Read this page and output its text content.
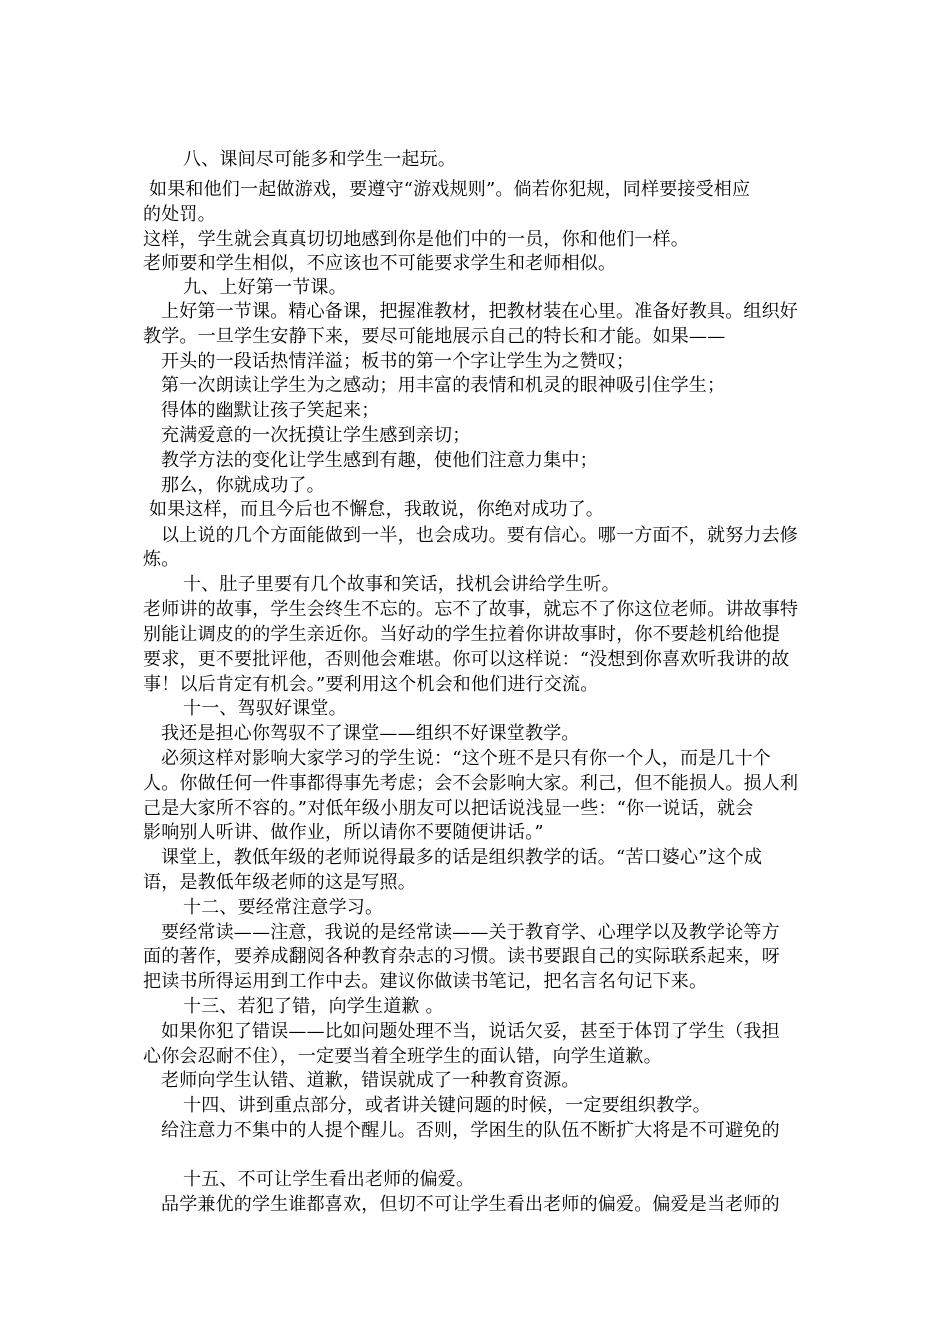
八、课间尽可能多和学生一起玩。
如果和他们一起做游戏，要遵守“游戏规则”。倘若你犯规，同样要接受相应
的处罚。
这样，学生就会真真切切地感到你是他们中的一员，你和他们一样。
老师要和学生相似，不应该也不可能要求学生和老师相似。
九、上好第一节课。
上好第一节课。精心备课，把握准教材，把教材装在心里。准备好教具。组织好
教学。一旦学生安静下来，要尽可能地展示自己的特长和才能。如果——
开头的一段话热情洋溢；板书的第一个字让学生为之赞叹；
第一次朗读让学生为之感动；用丰富的表情和机灵的眼神吸引住学生；
得体的幽默让孩子笑起来；
充满爱意的一次抚摸让学生感到亲切；
教学方法的变化让学生感到有趣，使他们注意力集中；
那么，你就成功了。
如果这样，而且今后也不懈怠，我敢说，你绝对成功了。
以上说的几个方面能做到一半，也会成功。要有信心。哪一方面不，就努力去修
炼。
十、肚子里要有几个故事和笑话，找机会讲给学生听。
老师讲的故事，学生会终生不忘的。忘不了故事，就忘不了你这位老师。讲故事特
别能让调皮的的学生亲近你。当好动的学生拉着你讲故事时，你不要趁机给他提
要求，更不要批评他，否则他会难堪。你可以这样说：“没想到你喜欢听我讲的故
事！以后肯定有机会。”要利用这个机会和他们进行交流。
十一、驾驭好课堂。
我还是担心你驾驭不了课堂——组织不好课堂教学。
必须这样对影响大家学习的学生说：“这个班不是只有你一个人，而是几十个
人。你做任何一件事都得事先考虑；会不会影响大家。利己，但不能损人。损人利
己是大家所不容的。”对低年级小朋友可以把话说浅显一些：“你一说话，就会
影响别人听讲、做作业，所以请你不要随便讲话。”
课堂上，教低年级的老师说得最多的话是组织教学的话。“苦口婆心”这个成
语，是教低年级老师的这是写照。
十二、要经常注意学习。
要经常读——注意，我说的是经常读——关于教育学、心理学以及教学论等方
面的著作，要养成翻阅各种教育杂志的习惯。读书要跟自己的实际联系起来，呀
把读书所得运用到工作中去。建议你做读书笔记，把名言名句记下来。
十三、若犯了错，向学生道歉 。
如果你犯了错误——比如问题处理不当，说话欠妥，甚至于体罚了学生（我担
心你会忍耐不住），一定要当着全班学生的面认错，向学生道歉。
老师向学生认错、道歉，错误就成了一种教育资源。
十四、讲到重点部分，或者讲关键问题的时候，一定要组织教学。
给注意力不集中的人提个醒儿。否则，学困生的队伍不断扩大将是不可避免的
十五、不可让学生看出老师的偏爱。
品学兼优的学生谁都喜欢，但切不可让学生看出老师的偏爱。偏爱是当老师的
